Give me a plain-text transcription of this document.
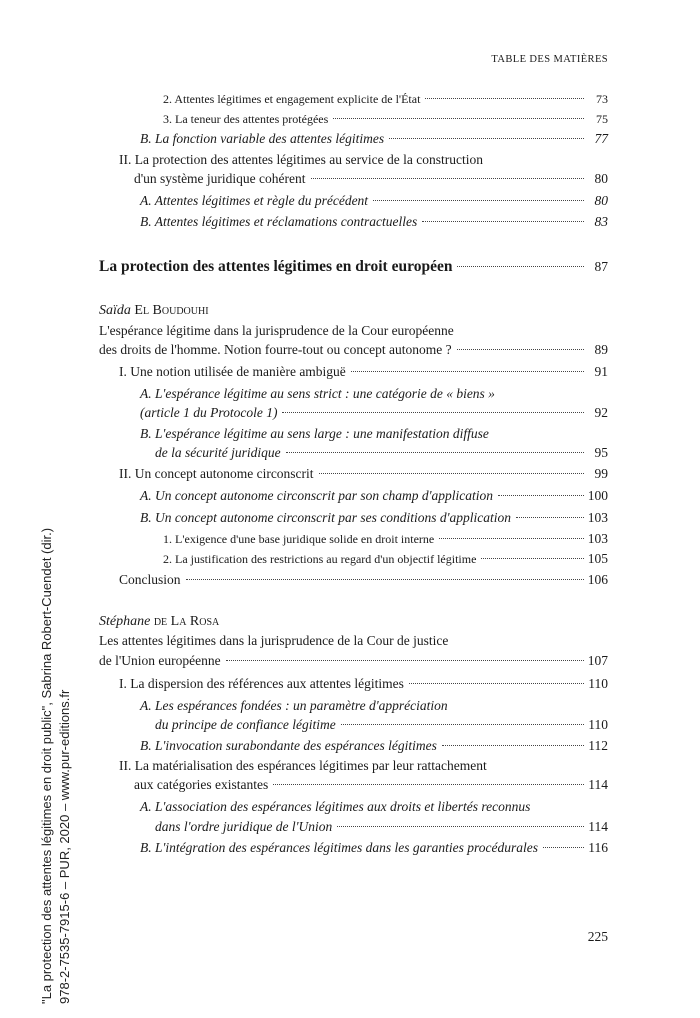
TABLE DES MATIÈRES
2. Attentes légitimes et engagement explicite de l'État	73
3. La teneur des attentes protégées	75
B. La fonction variable des attentes légitimes	77
II. La protection des attentes légitimes au service de la construction
d'un système juridique cohérent	80
A. Attentes légitimes et règle du précédent	80
B. Attentes légitimes et réclamations contractuelles	83
La protection des attentes légitimes en droit européen	87
Saïda El Boudouhi
L'espérance légitime dans la jurisprudence de la Cour européenne
des droits de l'homme. Notion fourre-tout ou concept autonome ?	89
I. Une notion utilisée de manière ambiguë	91
A. L'espérance légitime au sens strict : une catégorie de « biens »
(article 1 du Protocole 1)	92
B. L'espérance légitime au sens large : une manifestation diffuse
de la sécurité juridique	95
II. Un concept autonome circonscrit	99
A. Un concept autonome circonscrit par son champ d'application	100
B. Un concept autonome circonscrit par ses conditions d'application	103
1. L'exigence d'une base juridique solide en droit interne	103
2. La justification des restrictions au regard d'un objectif légitime	105
Conclusion	106
Stéphane de La Rosa
Les attentes légitimes dans la jurisprudence de la Cour de justice
de l'Union européenne	107
I. La dispersion des références aux attentes légitimes	110
A. Les espérances fondées : un paramètre d'appréciation
du principe de confiance légitime	110
B. L'invocation surabondante des espérances légitimes	112
II. La matérialisation des espérances légitimes par leur rattachement
aux catégories existantes	114
A. L'association des espérances légitimes aux droits et libertés reconnus
dans l'ordre juridique de l'Union	114
B. L'intégration des espérances légitimes dans les garanties procédurales	116
225
"La protection des attentes légitimes en droit public", Sabrina Robert-Cuendet (dir.) 978-2-7535-7915-6 – PUR, 2020 – www.pur-editions.fr
